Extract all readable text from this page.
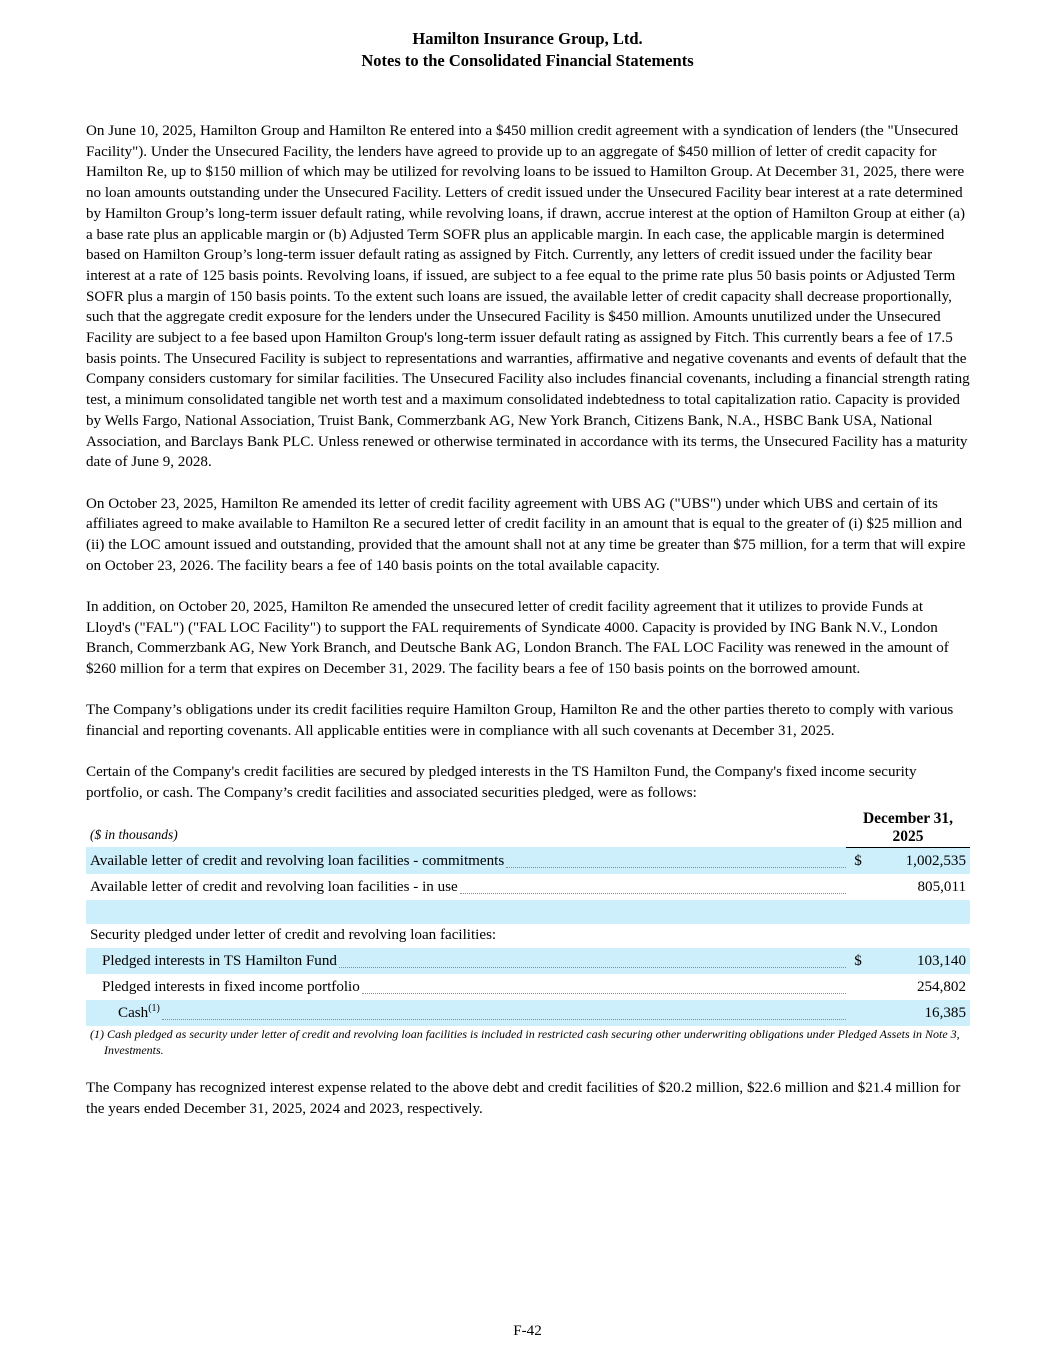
Hamilton Insurance Group, Ltd.
Notes to the Consolidated Financial Statements

On June 10, 2025, Hamilton Group and Hamilton Re entered into a $450 million credit agreement with a syndication of lenders (the "Unsecured Facility"). Under the Unsecured Facility, the lenders have agreed to provide up to an aggregate of $450 million of letter of credit capacity for Hamilton Re, up to $150 million of which may be utilized for revolving loans to be issued to Hamilton Group. At December 31, 2025, there were no loan amounts outstanding under the Unsecured Facility. Letters of credit issued under the Unsecured Facility bear interest at a rate determined by Hamilton Group’s long-term issuer default rating, while revolving loans, if drawn, accrue interest at the option of Hamilton Group at either (a) a base rate plus an applicable margin or (b) Adjusted Term SOFR plus an applicable margin. In each case, the applicable margin is determined based on Hamilton Group’s long-term issuer default rating as assigned by Fitch. Currently, any letters of credit issued under the facility bear interest at a rate of 125 basis points. Revolving loans, if issued, are subject to a fee equal to the prime rate plus 50 basis points or Adjusted Term SOFR plus a margin of 150 basis points. To the extent such loans are issued, the available letter of credit capacity shall decrease proportionally, such that the aggregate credit exposure for the lenders under the Unsecured Facility is $450 million. Amounts unutilized under the Unsecured Facility are subject to a fee based upon Hamilton Group's long-term issuer default rating as assigned by Fitch. This currently bears a fee of 17.5 basis points. The Unsecured Facility is subject to representations and warranties, affirmative and negative covenants and events of default that the Company considers customary for similar facilities. The Unsecured Facility also includes financial covenants, including a financial strength rating test, a minimum consolidated tangible net worth test and a maximum consolidated indebtedness to total capitalization ratio. Capacity is provided by Wells Fargo, National Association, Truist Bank, Commerzbank AG, New York Branch, Citizens Bank, N.A., HSBC Bank USA, National Association, and Barclays Bank PLC. Unless renewed or otherwise terminated in accordance with its terms, the Unsecured Facility has a maturity date of June 9, 2028.

On October 23, 2025, Hamilton Re amended its letter of credit facility agreement with UBS AG ("UBS") under which UBS and certain of its affiliates agreed to make available to Hamilton Re a secured letter of credit facility in an amount that is equal to the greater of (i) $25 million and (ii) the LOC amount issued and outstanding, provided that the amount shall not at any time be greater than $75 million, for a term that will expire on October 23, 2026. The facility bears a fee of 140 basis points on the total available capacity.

In addition, on October 20, 2025, Hamilton Re amended the unsecured letter of credit facility agreement that it utilizes to provide Funds at Lloyd's ("FAL") ("FAL LOC Facility") to support the FAL requirements of Syndicate 4000. Capacity is provided by ING Bank N.V., London Branch, Commerzbank AG, New York Branch, and Deutsche Bank AG, London Branch. The FAL LOC Facility was renewed in the amount of $260 million for a term that expires on December 31, 2029. The facility bears a fee of 150 basis points on the borrowed amount.

The Company’s obligations under its credit facilities require Hamilton Group, Hamilton Re and the other parties thereto to comply with various financial and reporting covenants. All applicable entities were in compliance with all such covenants at December 31, 2025.

Certain of the Company's credit facilities are secured by pledged interests in the TS Hamilton Fund, the Company's fixed income security portfolio, or cash. The Company’s credit facilities and associated securities pledged, were as follows:

($ in thousands)	December 31,
2025	

Available letter of credit and revolving loan facilities - commitments	$	1,002,535

Available letter of credit and revolving loan facilities - in use		805,011

Security pledged under letter of credit and revolving loan facilities:		

Pledged interests in TS Hamilton Fund	$	103,140

Pledged interests in fixed income portfolio		254,802

Cash$^{(1)}$		16,385

(1) Cash pledged as security under letter of credit and revolving loan facilities is included in restricted cash securing other underwriting obligations under Pledged Assets in Note 3, Investments.

The Company has recognized interest expense related to the above debt and credit facilities of $20.2 million, $22.6 million and $21.4 million for the years ended December 31, 2025, 2024 and 2023, respectively.

F-42
